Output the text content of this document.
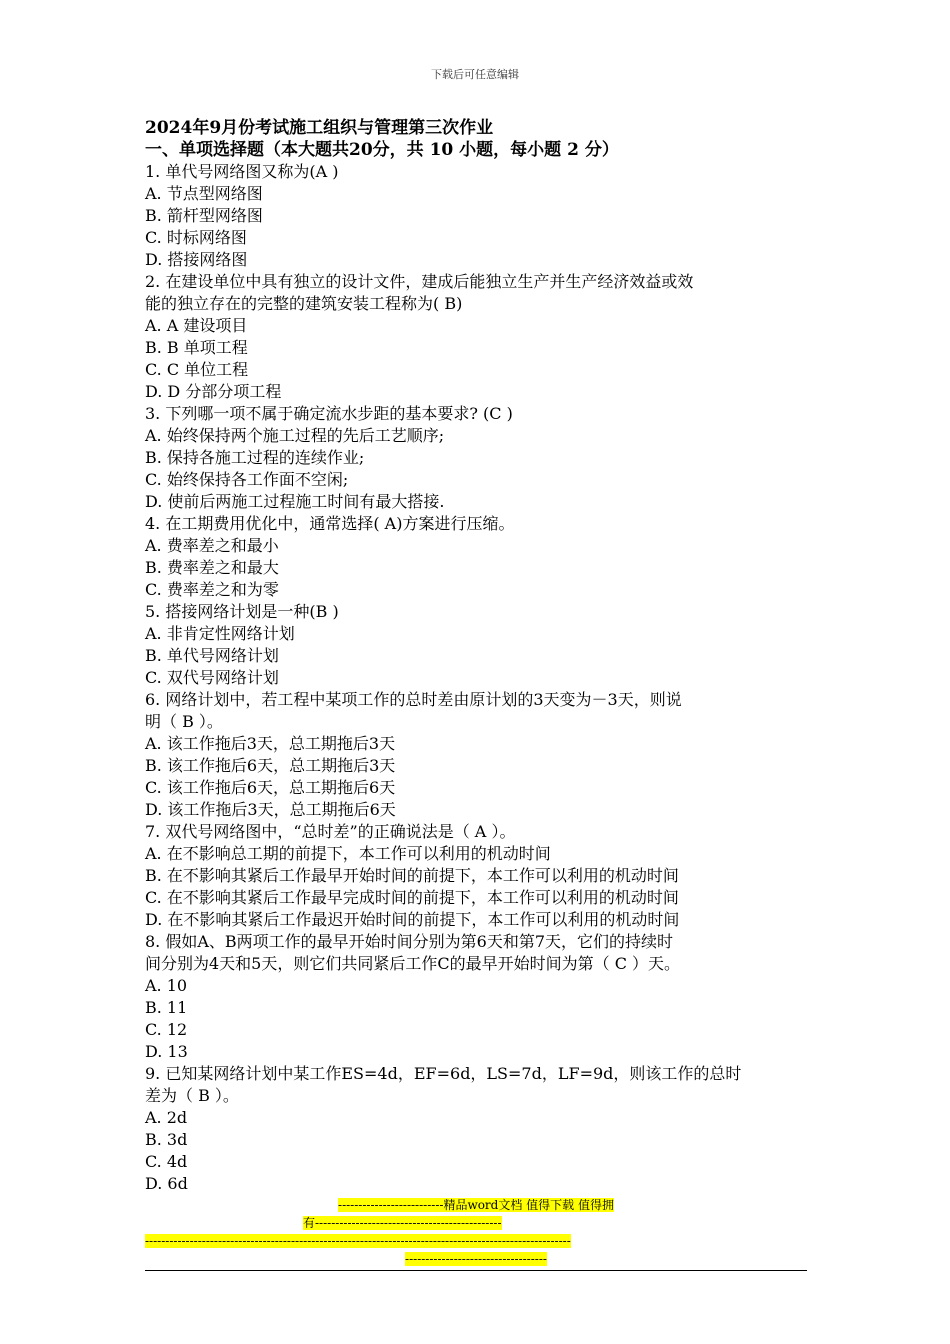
下载后可任意编辑
2024年9月份考试施工组织与管理第三次作业
一、单项选择题（本大题共20分，共 10 小题，每小题 2 分）
1. 单代号网络图又称为(A )
A. 节点型网络图
B. 箭杆型网络图
C. 时标网络图
D. 搭接网络图
2. 在建设单位中具有独立的设计文件，建成后能独立生产并生产经济效益或效
能的独立存在的完整的建筑安装工程称为( B)
A. A 建设项目
B. B 单项工程
C. C 单位工程
D. D 分部分项工程
3. 下列哪一项不属于确定流水步距的基本要求? (C )
A. 始终保持两个施工过程的先后工艺顺序;
B. 保持各施工过程的连续作业;
C. 始终保持各工作面不空闲;
D. 使前后两施工过程施工时间有最大搭接.
4. 在工期费用优化中，通常选择( A)方案进行压缩。
A. 费率差之和最小
B. 费率差之和最大
C. 费率差之和为零
5. 搭接网络计划是一种(B )
A. 非肯定性网络计划
B. 单代号网络计划
C. 双代号网络计划
6. 网络计划中，若工程中某项工作的总时差由原计划的3天变为－3天，则说
明（ B ）。
A. 该工作拖后3天，总工期拖后3天
B. 该工作拖后6天，总工期拖后3天
C. 该工作拖后6天，总工期拖后6天
D. 该工作拖后3天，总工期拖后6天
7. 双代号网络图中，“总时差”的正确说法是（ A ）。
A. 在不影响总工期的前提下，本工作可以利用的机动时间
B. 在不影响其紧后工作最早开始时间的前提下，本工作可以利用的机动时间
C. 在不影响其紧后工作最早完成时间的前提下，本工作可以利用的机动时间
D. 在不影响其紧后工作最迟开始时间的前提下，本工作可以利用的机动时间
8. 假如A、B两项工作的最早开始时间分别为第6天和第7天，它们的持续时
间分别为4天和5天，则它们共同紧后工作C的最早开始时间为第（ C ）天。
A. 10
B. 11
C. 12
D. 13
9. 已知某网络计划中某工作ES=4d，EF=6d，LS=7d，LF=9d，则该工作的总时
差为（ B ）。
A. 2d
B. 3d
C. 4d
D. 6d
--------------------------精品word文档 值得下载 值得拥
有----------------------------------------------
---------------------------------------------------------------------------------------------------------
-----------------------------------
